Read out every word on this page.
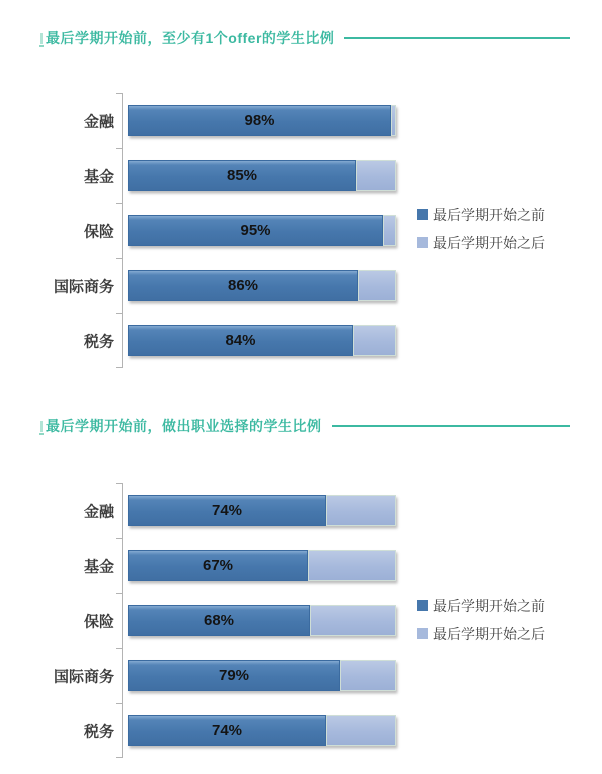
最后学期开始前，至少有1个offer的学生比例
金融	98%
基金	85%
保险	95%
国际商务	86%
税务	84%
最后学期开始之前
最后学期开始之后
最后学期开始前，做出职业选择的学生比例
金融	74%
基金	67%
保险	68%
国际商务	79%
税务	74%
最后学期开始之前
最后学期开始之后
